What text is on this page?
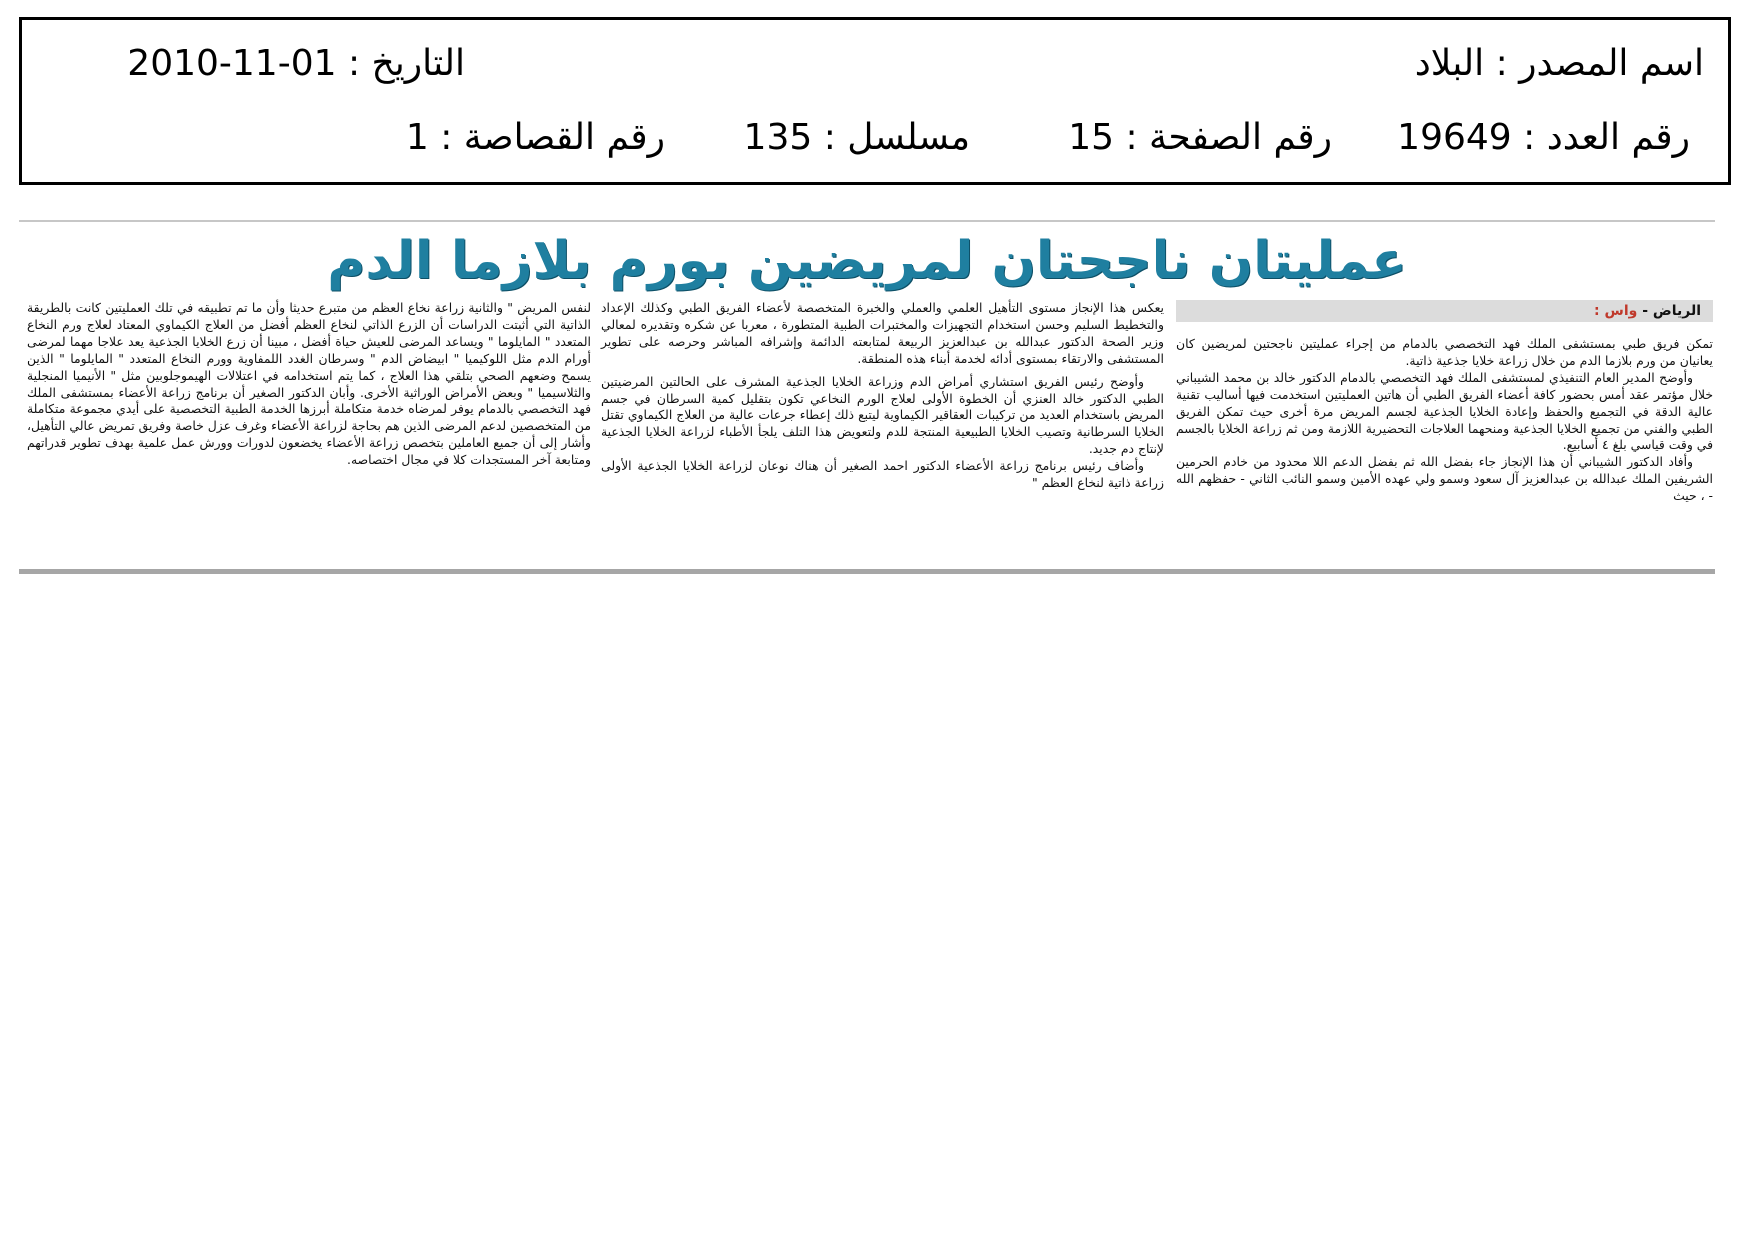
اسم المصدر : البلاد
التاريخ : 2010-11-01
رقم العدد : 19649
رقم الصفحة : 15
مسلسل : 135
رقم القصاصة : 1
عمليتان ناجحتان لمريضين بورم بلازما الدم
الرياض - واس :

تمكن فريق طبي بمستشفى الملك فهد التخصصي بالدمام من إجراء عمليتين ناجحتين لمريضين كان يعانيان من ورم بلازما الدم من خلال زراعة خلايا جذعية ذاتية.

وأوضح المدير العام التنفيذي لمستشفى الملك فهد التخصصي بالدمام الدكتور خالد بن محمد الشيباني خلال مؤتمر عقد أمس بحضور كافة أعضاء الفريق الطبي أن هاتين العمليتين استخدمت فيها أساليب تقنية عالية الدقة في التجميع والحفظ وإعادة الخلايا الجذعية لجسم المريض مرة أخرى حيث تمكن الفريق الطبي والفني من تجميع الخلايا الجذعية ومنحهما العلاجات التحضيرية اللازمة ومن ثم زراعة الخلايا بالجسم في وقت قياسي بلغ ٤ أسابيع.

وأفاد الدكتور الشيباني أن هذا الإنجاز جاء بفضل الله ثم بفضل الدعم اللا محدود من خادم الحرمين الشريفين الملك عبدالله بن عبدالعزيز آل سعود وسمو ولي عهده الأمين وسمو النائب الثاني - حفظهم الله - ، حيث

يعكس هذا الإنجاز مستوى التأهيل العلمي والعملي والخبرة المتخصصة لأعضاء الفريق الطبي وكذلك الإعداد والتخطيط السليم وحسن استخدام التجهيزات والمختبرات الطبية المتطورة ، معربا عن شكره وتقديره لمعالي وزير الصحة الدكتور عبدالله بن عبدالعزيز الربيعة لمتابعته الدائمة وإشرافه المباشر وحرصه على تطوير المستشفى والارتقاء بمستوى أدائه لخدمة أبناء هذه المنطقة.

وأوضح رئيس الفريق استشاري أمراض الدم وزراعة الخلايا الجذعية المشرف على الحالتين المرضيتين الطبي الدكتور خالد العنزي أن الخطوة الأولى لعلاج الورم النخاعي تكون بتقليل كمية السرطان في جسم المريض باستخدام العديد من تركيبات العقاقير الكيماوية ليتبع ذلك إعطاء جرعات عالية من العلاج الكيماوي تقتل الخلايا السرطانية وتصيب الخلايا الطبيعية المنتجة للدم ولتعويض هذا التلف يلجأ الأطباء لزراعة الخلايا الجذعية لإنتاج دم جديد.

وأضاف رئيس برنامج زراعة الأعضاء الدكتور احمد الصغير أن هناك نوعان لزراعة الخلايا الجذعية الأولى زراعة ذاتية لنخاع العظم "

لنفس المريض " والثانية زراعة نخاع العظم من متبرع حديثا وأن ما تم تطبيقه في تلك العمليتين كانت بالطريقة الذاتية التي أثبتت الدراسات أن الزرع الذاتي لنخاع العظم أفضل من العلاج الكيماوي المعتاد لعلاج ورم النخاع المتعدد " المايلوما " ويساعد المرضى للعيش حياة أفضل ، مبينا أن زرع الخلايا الجذعية يعد علاجا مهما لمرضى أورام الدم مثل اللوكيميا " ابيضاض الدم " وسرطان الغدد اللمفاوية وورم النخاع المتعدد " المايلوما " الذين يسمح وضعهم الصحي بتلقي هذا العلاج ، كما يتم استخدامه في اعتلالات الهيموجلوبين مثل " الأنيميا المنجلية والثلاسيميا " وبعض الأمراض الوراثية الأخرى. وأبان الدكتور الصغير أن برنامج زراعة الأعضاء بمستشفى الملك فهد التخصصي بالدمام يوفر لمرضاه خدمة متكاملة أبرزها الخدمة الطبية التخصصية على أيدي مجموعة متكاملة من المتخصصين لدعم المرضى الذين هم بحاجة لزراعة الأعضاء وغرف عزل خاصة وفريق تمريض عالي التأهيل، وأشار إلى أن جميع العاملين بتخصص زراعة الأعضاء يخضعون لدورات وورش عمل علمية بهدف تطوير قدراتهم ومتابعة آخر المستجدات كلا في مجال اختصاصه.
